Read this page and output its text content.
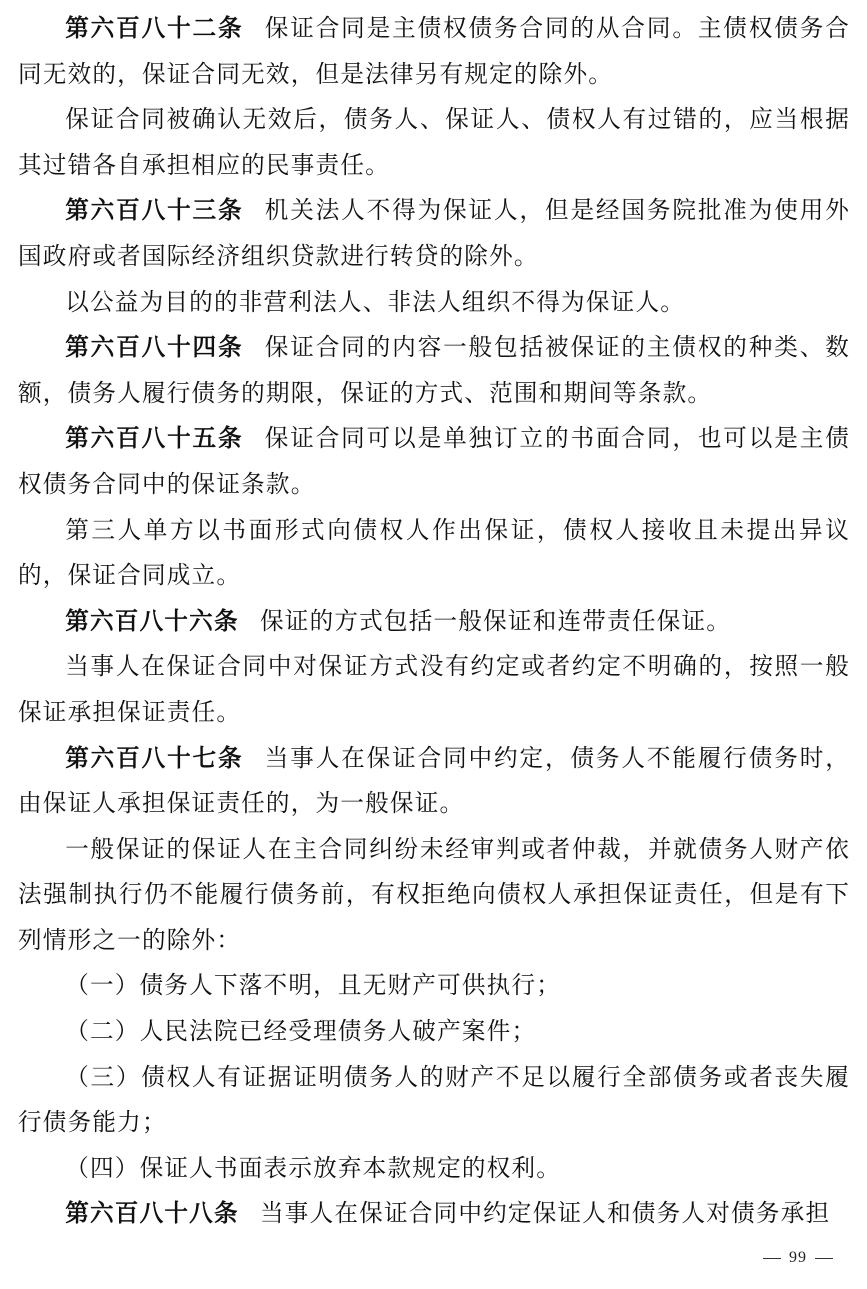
第六百八十二条 保证合同是主债权债务合同的从合同。主债权债务合同无效的，保证合同无效，但是法律另有规定的除外。

保证合同被确认无效后，债务人、保证人、债权人有过错的，应当根据其过错各自承担相应的民事责任。

第六百八十三条 机关法人不得为保证人，但是经国务院批准为使用外国政府或者国际经济组织贷款进行转贷的除外。

以公益为目的的非营利法人、非法人组织不得为保证人。

第六百八十四条 保证合同的内容一般包括被保证的主债权的种类、数额，债务人履行债务的期限，保证的方式、范围和期间等条款。

第六百八十五条 保证合同可以是单独订立的书面合同，也可以是主债权债务合同中的保证条款。

第三人单方以书面形式向债权人作出保证，债权人接收且未提出异议的，保证合同成立。

第六百八十六条 保证的方式包括一般保证和连带责任保证。

当事人在保证合同中对保证方式没有约定或者约定不明确的，按照一般保证承担保证责任。

第六百八十七条 当事人在保证合同中约定，债务人不能履行债务时，由保证人承担保证责任的，为一般保证。

一般保证的保证人在主合同纠纷未经审判或者仲裁，并就债务人财产依法强制执行仍不能履行债务前，有权拒绝向债权人承担保证责任，但是有下列情形之一的除外：

（一）债务人下落不明，且无财产可供执行；

（二）人民法院已经受理债务人破产案件；

（三）债权人有证据证明债务人的财产不足以履行全部债务或者丧失履行债务能力；

（四）保证人书面表示放弃本款规定的权利。

第六百八十八条 当事人在保证合同中约定保证人和债务人对债务承担

99
